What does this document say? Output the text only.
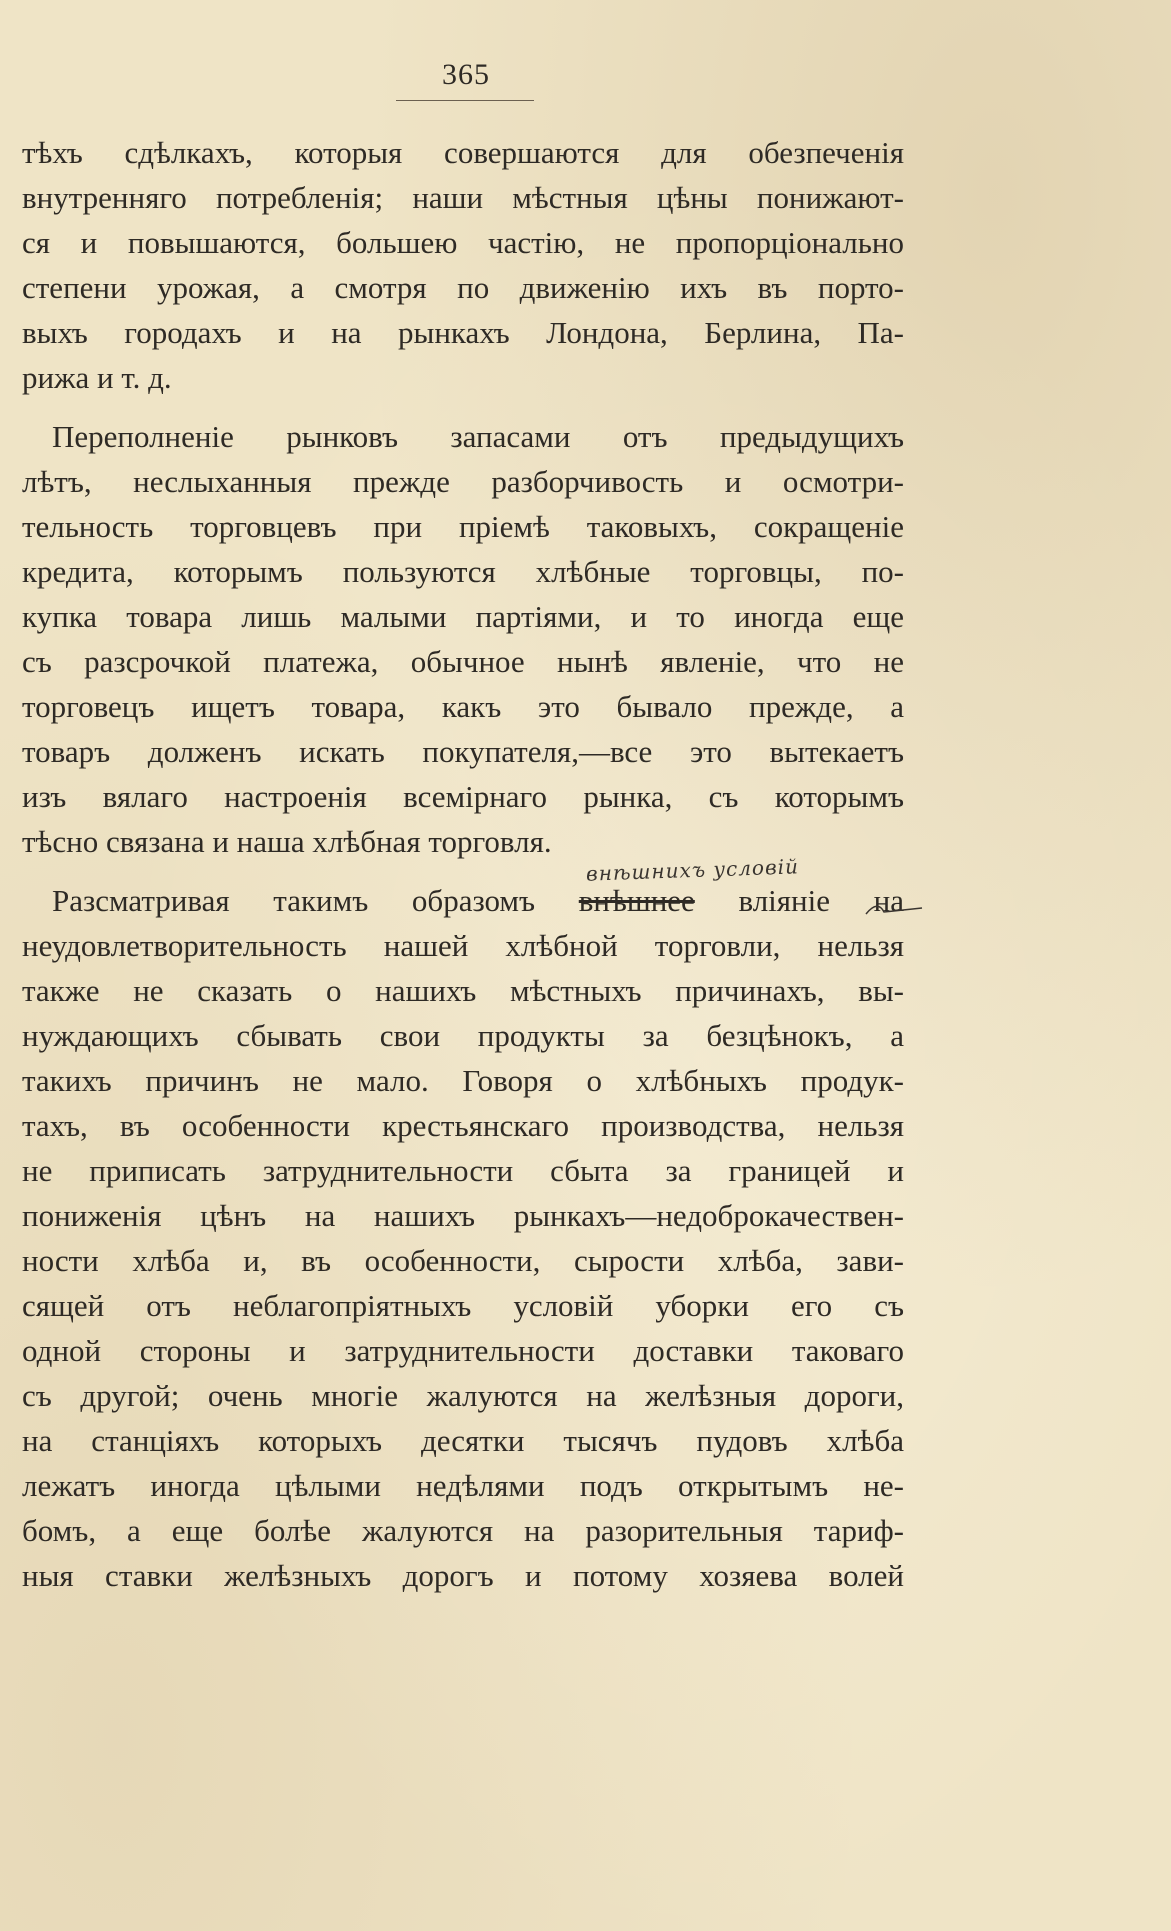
365
тѣхъ сдѣлкахъ, которыя совершаются для обезпеченія
внутренняго потребленія; наши мѣстныя цѣны понижают-
ся и повышаются, большею частію, не пропорціонально
степени урожая, а смотря по движенію ихъ въ порто-
выхъ городахъ и на рынкахъ Лондона, Берлина, Па-
рижа и т. д.
Переполненіе рынковъ запасами отъ предыдущихъ
лѣтъ, неслыханныя прежде разборчивость и осмотри-
тельность торговцевъ при пріемѣ таковыхъ, сокращеніе
кредита, которымъ пользуются хлѣбные торговцы, по-
купка товара лишь малыми партіями, и то иногда еще
съ разсрочкой платежа, обычное нынѣ явленіе, что не
торговецъ ищетъ товара, какъ это бывало прежде, а
товаръ долженъ искать покупателя,—все это вытекаетъ
изъ вялаго настроенія всемірнаго рынка, съ которымъ
тѣсно связана и наша хлѣбная торговля.
Разсматривая такимъ образомъ внѣшнее вліяніе на
неудовлетворительность нашей хлѣбной торговли, нельзя
также не сказать о нашихъ мѣстныхъ причинахъ, вы-
нуждающихъ сбывать свои продукты за безцѣнокъ, а
такихъ причинъ не мало. Говоря о хлѣбныхъ продук-
тахъ, въ особенности крестьянскаго производства, нельзя
не приписать затруднительности сбыта за границей и
пониженія цѣнъ на нашихъ рынкахъ—недоброкачествен-
ности хлѣба и, въ особенности, сырости хлѣба, зави-
сящей отъ неблагопріятныхъ условій уборки его съ
одной стороны и затруднительности доставки таковаго
съ другой; очень многіе жалуются на желѣзныя дороги,
на станціяхъ которыхъ десятки тысячъ пудовъ хлѣба
лежатъ иногда цѣлыми недѣлями подъ открытымъ не-
бомъ, а еще болѣе жалуются на разорительныя тариф-
ныя ставки желѣзныхъ дорогъ и потому хозяева волей
внѣшнихъ условій
